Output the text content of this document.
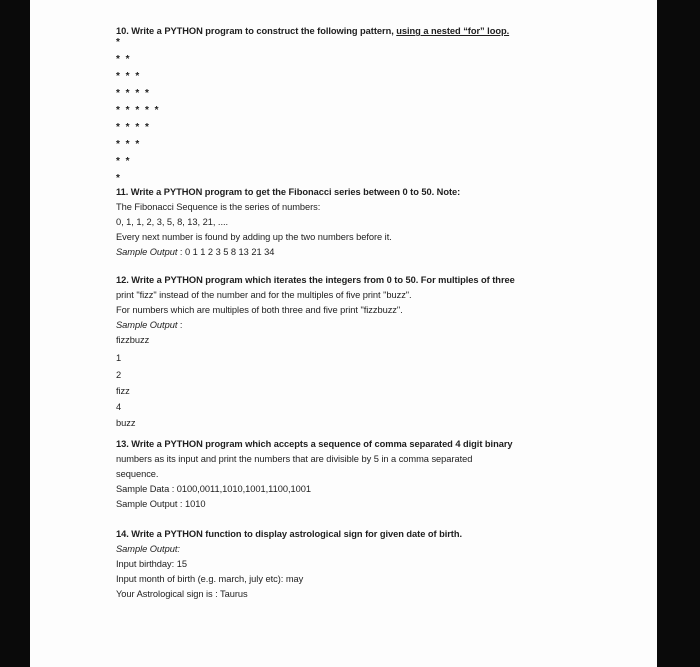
10. Write a PYTHON program to construct the following pattern, using a nested “for” loop.
*
* *
* * *
* * * *
* * * * *
* * * *
* * *
* *
*
11. Write a PYTHON program to get the Fibonacci series between 0 to 50. Note:
The Fibonacci Sequence is the series of numbers:
0, 1, 1, 2, 3, 5, 8, 13, 21, ....
Every next number is found by adding up the two numbers before it.
Sample Output : 0 1 1 2 3 5 8 13 21 34
12. Write a PYTHON program which iterates the integers from 0 to 50. For multiples of three
print "fizz" instead of the number and for the multiples of five print "buzz".
For numbers which are multiples of both three and five print "fizzbuzz".
Sample Output :
fizzbuzz
1
2
fizz
4
buzz
13. Write a PYTHON program which accepts a sequence of comma separated 4 digit binary
numbers as its input and print the numbers that are divisible by 5 in a comma separated
sequence.
Sample Data : 0100,0011,1010,1001,1100,1001
Sample Output : 1010
14. Write a PYTHON function to display astrological sign for given date of birth.
Sample Output:
Input birthday: 15
Input month of birth (e.g. march, july etc): may
Your Astrological sign is : Taurus
